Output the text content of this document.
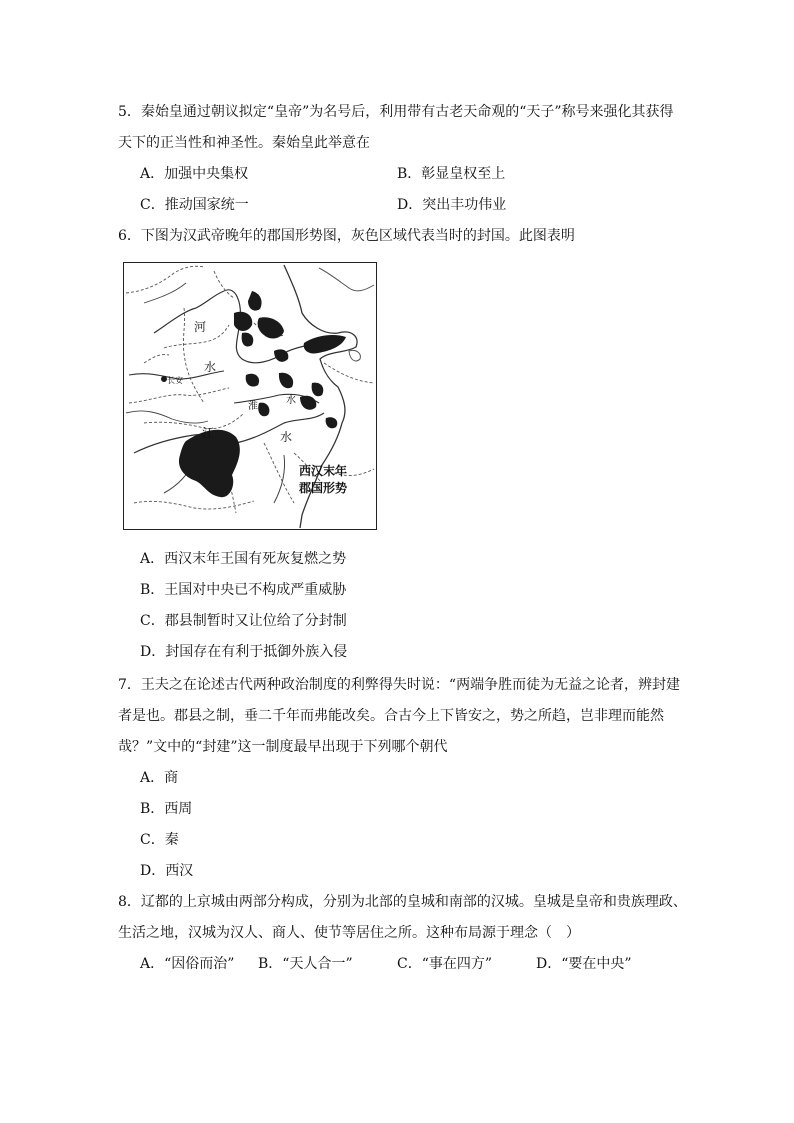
5．秦始皇通过朝议拟定“皇帝”为名号后，利用带有古老天命观的“天子”称号来强化其获得
天下的正当性和神圣性。秦始皇此举意在
A．加强中央集权	B．彰显皇权至上
C．推动国家统一	D．突出丰功伟业
6．下图为汉武帝晚年的郡国形势图，灰色区域代表当时的封国。此图表明
河
水
长安
淮
水
江	水
西汉末年
郡国形势
A．西汉末年王国有死灰复燃之势
B．王国对中央已不构成严重威胁
C．郡县制暂时又让位给了分封制
D．封国存在有利于抵御外族入侵
7．王夫之在论述古代两种政治制度的利弊得失时说：“两端争胜而徒为无益之论者，辨封建
者是也。郡县之制，垂二千年而弗能改矣。合古今上下皆安之，势之所趋，岂非理而能然
哉？”文中的“封建”这一制度最早出现于下列哪个朝代
A．商
B．西周
C．秦
D．西汉
8．辽都的上京城由两部分构成，分别为北部的皇城和南部的汉城。皇城是皇帝和贵族理政、
生活之地，汉城为汉人、商人、使节等居住之所。这种布局源于理念（　）
A．“因俗而治” B．“天人合一”	C．“事在四方”	D．“要在中央”
